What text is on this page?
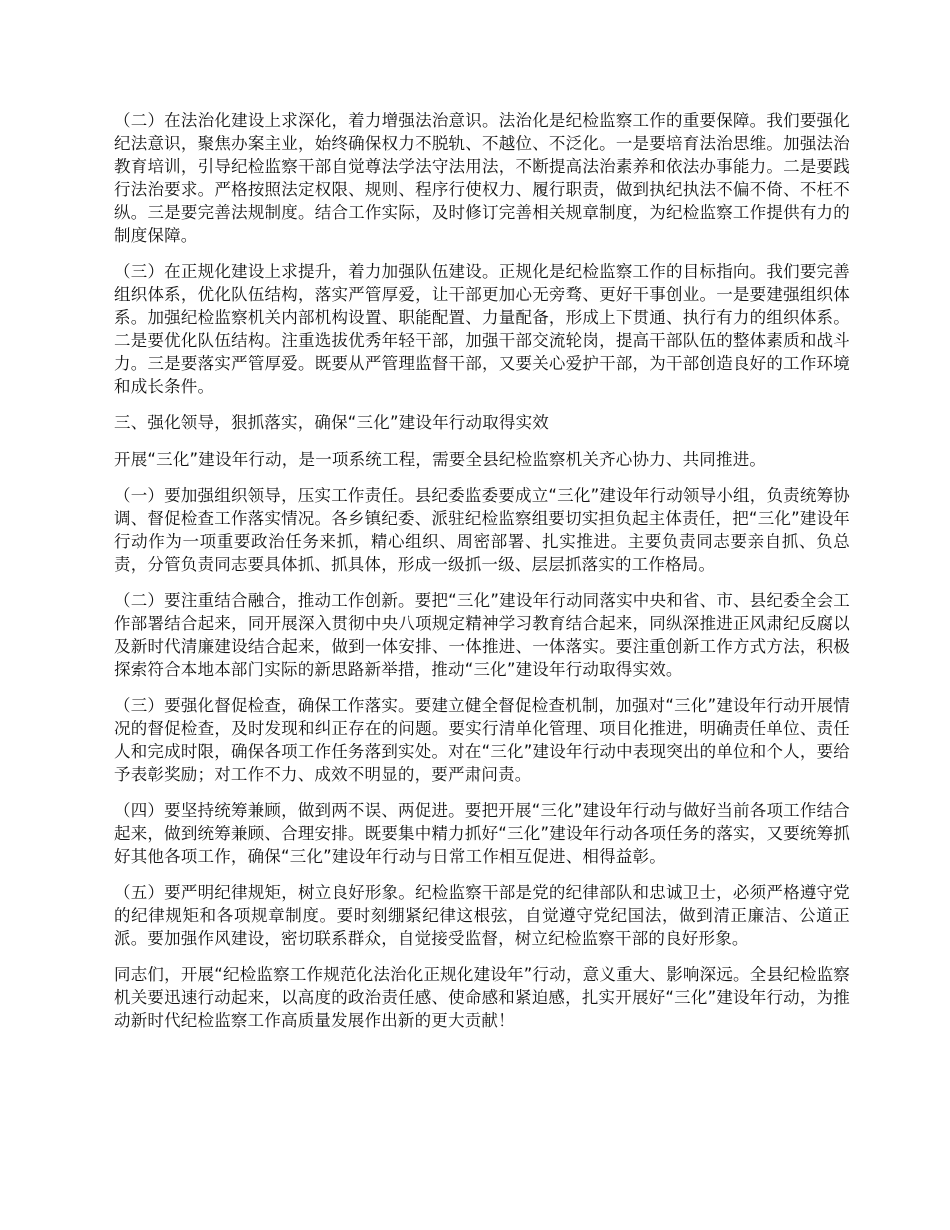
（二）在法治化建设上求深化，着力增强法治意识。法治化是纪检监察工作的重要保障。我们要强化纪法意识，聚焦办案主业，始终确保权力不脱轨、不越位、不泛化。一是要培育法治思维。加强法治教育培训，引导纪检监察干部自觉尊法学法守法用法，不断提高法治素养和依法办事能力。二是要践行法治要求。严格按照法定权限、规则、程序行使权力、履行职责，做到执纪执法不偏不倚、不枉不纵。三是要完善法规制度。结合工作实际，及时修订完善相关规章制度，为纪检监察工作提供有力的制度保障。

（三）在正规化建设上求提升，着力加强队伍建设。正规化是纪检监察工作的目标指向。我们要完善组织体系，优化队伍结构，落实严管厚爱，让干部更加心无旁骛、更好干事创业。一是要建强组织体系。加强纪检监察机关内部机构设置、职能配置、力量配备，形成上下贯通、执行有力的组织体系。二是要优化队伍结构。注重选拔优秀年轻干部，加强干部交流轮岗，提高干部队伍的整体素质和战斗力。三是要落实严管厚爱。既要从严管理监督干部，又要关心爱护干部，为干部创造良好的工作环境和成长条件。

三、强化领导，狠抓落实，确保“三化”建设年行动取得实效

开展“三化”建设年行动，是一项系统工程，需要全县纪检监察机关齐心协力、共同推进。

（一）要加强组织领导，压实工作责任。县纪委监委要成立“三化”建设年行动领导小组，负责统筹协调、督促检查工作落实情况。各乡镇纪委、派驻纪检监察组要切实担负起主体责任，把“三化”建设年行动作为一项重要政治任务来抓，精心组织、周密部署、扎实推进。主要负责同志要亲自抓、负总责，分管负责同志要具体抓、抓具体，形成一级抓一级、层层抓落实的工作格局。

（二）要注重结合融合，推动工作创新。要把“三化”建设年行动同落实中央和省、市、县纪委全会工作部署结合起来，同开展深入贯彻中央八项规定精神学习教育结合起来，同纵深推进正风肃纪反腐以及新时代清廉建设结合起来，做到一体安排、一体推进、一体落实。要注重创新工作方式方法，积极探索符合本地本部门实际的新思路新举措，推动“三化”建设年行动取得实效。

（三）要强化督促检查，确保工作落实。要建立健全督促检查机制，加强对“三化”建设年行动开展情况的督促检查，及时发现和纠正存在的问题。要实行清单化管理、项目化推进，明确责任单位、责任人和完成时限，确保各项工作任务落到实处。对在“三化”建设年行动中表现突出的单位和个人，要给予表彰奖励；对工作不力、成效不明显的，要严肃问责。

（四）要坚持统筹兼顾，做到两不误、两促进。要把开展“三化”建设年行动与做好当前各项工作结合起来，做到统筹兼顾、合理安排。既要集中精力抓好“三化”建设年行动各项任务的落实，又要统筹抓好其他各项工作，确保“三化”建设年行动与日常工作相互促进、相得益彰。

（五）要严明纪律规矩，树立良好形象。纪检监察干部是党的纪律部队和忠诚卫士，必须严格遵守党的纪律规矩和各项规章制度。要时刻绷紧纪律这根弦，自觉遵守党纪国法，做到清正廉洁、公道正派。要加强作风建设，密切联系群众，自觉接受监督，树立纪检监察干部的良好形象。

同志们，开展“纪检监察工作规范化法治化正规化建设年”行动，意义重大、影响深远。全县纪检监察机关要迅速行动起来，以高度的政治责任感、使命感和紧迫感，扎实开展好“三化”建设年行动，为推动新时代纪检监察工作高质量发展作出新的更大贡献！
